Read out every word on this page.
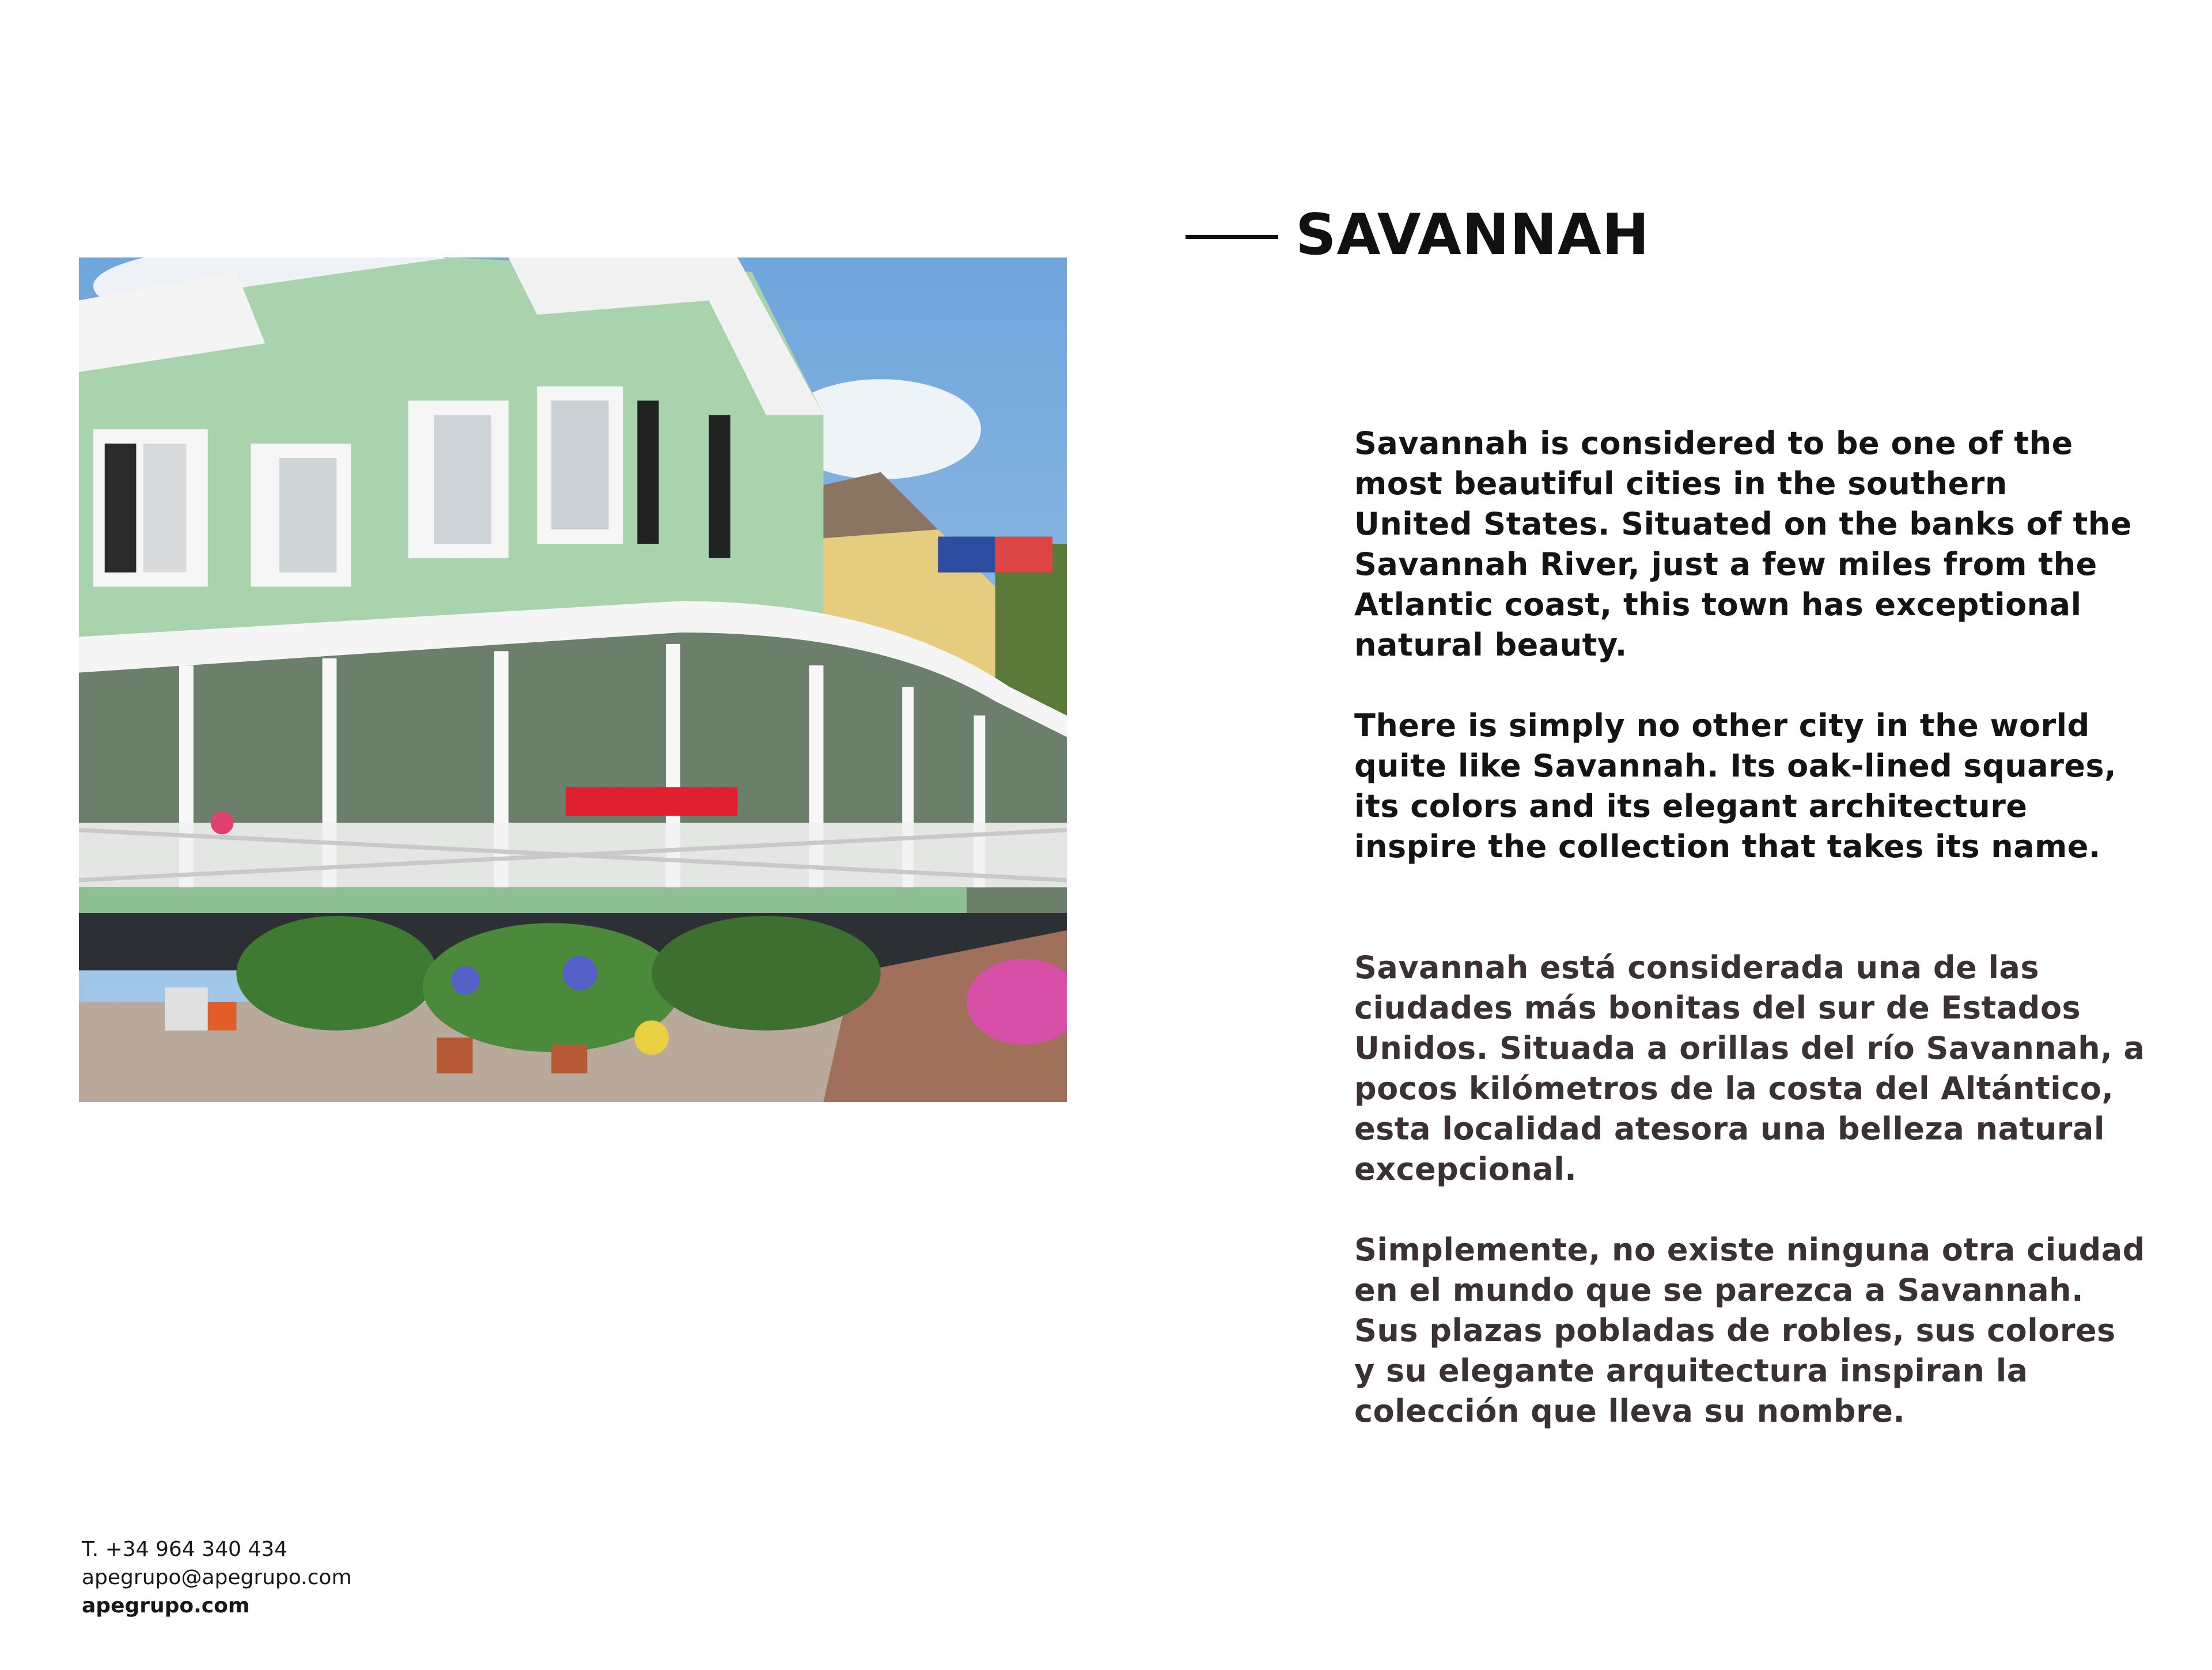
SAVANNAH
Savannah is considered to be one of the
most beautiful cities in the southern
United States. Situated on the banks of the
Savannah River, just a few miles from the
Atlantic coast, this town has exceptional
natural beauty.
There is simply no other city in the world
quite like Savannah. Its oak-lined squares,
its colors and its elegant architecture
inspire the collection that takes its name.
Savannah está considerada una de las
ciudades más bonitas del sur de Estados
Unidos. Situada a orillas del río Savannah, a
pocos kilómetros de la costa del Altántico,
esta localidad atesora una belleza natural
excepcional.
Simplemente, no existe ninguna otra ciudad
en el mundo que se parezca a Savannah.
Sus plazas pobladas de robles, sus colores
y su elegante arquitectura inspiran la
colección que lleva su nombre.
T. +34 964 340 434
apegrupo@apegrupo.com
apegrupo.com
